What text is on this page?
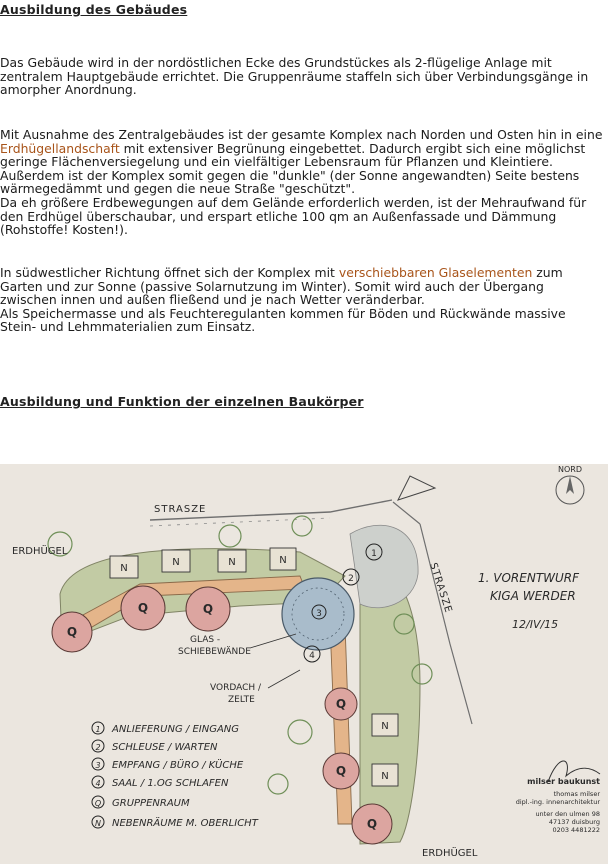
Ausbildung des Gebäudes

Das Gebäude wird in der nordöstlichen Ecke des Grundstückes als 2-flügelige Anlage mit zentralem Hauptgebäude errichtet. Die Gruppenräume staffeln sich über Verbindungsgänge in amorpher Anordnung.

Mit Ausnahme des Zentralgebäudes ist der gesamte Komplex nach Norden und Osten hin in eine Erdhügellandschaft mit extensiver Begrünung eingebettet. Dadurch ergibt sich eine möglichst geringe Flächenversiegelung und ein vielfältiger Lebensraum für Pflanzen und Kleintiere. Außerdem ist der Komplex somit gegen die "dunkle" (der Sonne angewandten) Seite bestens wärmegedämmt und gegen die neue Straße "geschützt".
Da eh größere Erdbewegungen auf dem Gelände erforderlich werden, ist der Mehraufwand für den Erdhügel überschaubar, und erspart etliche 100 qm an Außenfassade und Dämmung (Rohstoffe! Kosten!).
In südwestlicher Richtung öffnet sich der Komplex mit verschiebbaren Glaselementen zum Garten und zur Sonne (passive Solarnutzung im Winter). Somit wird auch der Übergang zwischen innen und außen fließend und je nach Wetter veränderbar.
Als Speichermasse und als Feuchteregulanten kommen für Böden und Rückwände massive Stein- und Lehmmaterialien zum Einsatz.
Ausbildung und Funktion der einzelnen Baukörper
N
N	N	N
N
N
Q
Q	Q
Q
Q
Q
3
2
1
4
NORD
STRASZE
STRASZE
ERDHÜGEL
ERDHÜGEL
1. VORENTWURF
KIGA WERDER
12/IV/15
GLAS -
SCHIEBEWÄNDE
VORDACH /
ZELTE
1 ANLIEFERUNG / EINGANG
2 SCHLEUSE / WARTEN
3 EMPFANG / BÜRO / KÜCHE
4 SAAL / 1.OG SCHLAFEN
Q GRUPPENRAUM
N NEBENRÄUME M. OBERLICHT
milser baukunst
thomas milser
dipl.-ing. innenarchitektur
unter den ulmen 98
47137 duisburg
0203 4481222
